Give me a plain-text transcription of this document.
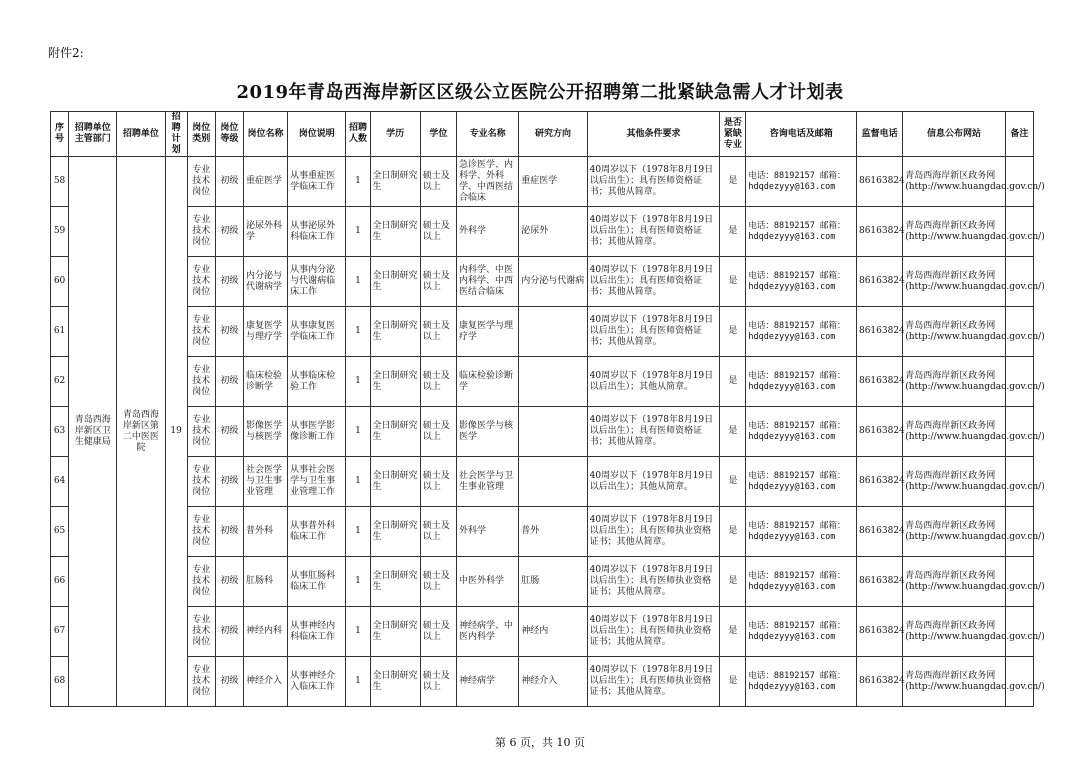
附件2:
2019年青岛西海岸新区区级公立医院公开招聘第二批紧缺急需人才计划表
序号	招聘单位主管部门	招聘单位	招聘计划	岗位类别	岗位等级	岗位名称	岗位说明	招聘人数	学历	学位	专业名称	研究方向	其他条件要求	是否紧缺专业	咨询电话及邮箱	监督电话	信息公布网站	备注
58	青岛西海岸新区卫生健康局	青岛西海岸新区第二中医医院	19	专业技术岗位	初级	重症医学	从事重症医学临床工作	1	全日制研究生	硕士及以上	急诊医学、内科学、外科学、中西医结合临床	重症医学	40周岁以下（1978年8月19日以后出生）；具有医师资格证书；其他从简章。	是	电话：88192157 邮箱：hdqdezyyy@163.com	86163824	青岛西海岸新区政务网(http://www.huangdao.gov.cn/)	
59				专业技术岗位	初级	泌尿外科学	从事泌尿外科临床工作	1	全日制研究生	硕士及以上	外科学	泌尿外	40周岁以下（1978年8月19日以后出生）；具有医师资格证书；其他从简章。	是	电话：88192157 邮箱：hdqdezyyy@163.com	86163824	青岛西海岸新区政务网(http://www.huangdao.gov.cn/)	
60				专业技术岗位	初级	内分泌与代谢病学	从事内分泌与代谢病临床工作	1	全日制研究生	硕士及以上	内科学、中医内科学、中西医结合临床	内分泌与代谢病	40周岁以下（1978年8月19日以后出生）；具有医师资格证书；其他从简章。	是	电话：88192157 邮箱：hdqdezyyy@163.com	86163824	青岛西海岸新区政务网(http://www.huangdao.gov.cn/)	
61				专业技术岗位	初级	康复医学与理疗学	从事康复医学临床工作	1	全日制研究生	硕士及以上	康复医学与理疗学		40周岁以下（1978年8月19日以后出生）；具有医师资格证书；其他从简章。	是	电话：88192157 邮箱：hdqdezyyy@163.com	86163824	青岛西海岸新区政务网(http://www.huangdao.gov.cn/)	
62				专业技术岗位	初级	临床检验诊断学	从事临床检验工作	1	全日制研究生	硕士及以上	临床检验诊断学		40周岁以下（1978年8月19日以后出生）；其他从简章。	是	电话：88192157 邮箱：hdqdezyyy@163.com	86163824	青岛西海岸新区政务网(http://www.huangdao.gov.cn/)	
63				专业技术岗位	初级	影像医学与核医学	从事医学影像诊断工作	1	全日制研究生	硕士及以上	影像医学与核医学		40周岁以下（1978年8月19日以后出生）；具有医师资格证书；其他从简章。	是	电话：88192157 邮箱：hdqdezyyy@163.com	86163824	青岛西海岸新区政务网(http://www.huangdao.gov.cn/)	
64				专业技术岗位	初级	社会医学与卫生事业管理	从事社会医学与卫生事业管理工作	1	全日制研究生	硕士及以上	社会医学与卫生事业管理		40周岁以下（1978年8月19日以后出生）；其他从简章。	是	电话：88192157 邮箱：hdqdezyyy@163.com	86163824	青岛西海岸新区政务网(http://www.huangdao.gov.cn/)	
65				专业技术岗位	初级	普外科	从事普外科临床工作	1	全日制研究生	硕士及以上	外科学	普外	40周岁以下（1978年8月19日以后出生）；具有医师执业资格证书；其他从简章。	是	电话：88192157 邮箱：hdqdezyyy@163.com	86163824	青岛西海岸新区政务网(http://www.huangdao.gov.cn/)	
66				专业技术岗位	初级	肛肠科	从事肛肠科临床工作	1	全日制研究生	硕士及以上	中医外科学	肛肠	40周岁以下（1978年8月19日以后出生）；具有医师执业资格证书；其他从简章。	是	电话：88192157 邮箱：hdqdezyyy@163.com	86163824	青岛西海岸新区政务网(http://www.huangdao.gov.cn/)	
67				专业技术岗位	初级	神经内科	从事神经内科临床工作	1	全日制研究生	硕士及以上	神经病学、中医内科学	神经内	40周岁以下（1978年8月19日以后出生）；具有医师执业资格证书；其他从简章。	是	电话：88192157 邮箱：hdqdezyyy@163.com	86163824	青岛西海岸新区政务网(http://www.huangdao.gov.cn/)	
68				专业技术岗位	初级	神经介入	从事神经介入临床工作	1	全日制研究生	硕士及以上	神经病学	神经介入	40周岁以下（1978年8月19日以后出生）；具有医师执业资格证书；其他从简章。	是	电话：88192157 邮箱：hdqdezyyy@163.com	86163824	青岛西海岸新区政务网(http://www.huangdao.gov.cn/)	
第 6 页，共 10 页
